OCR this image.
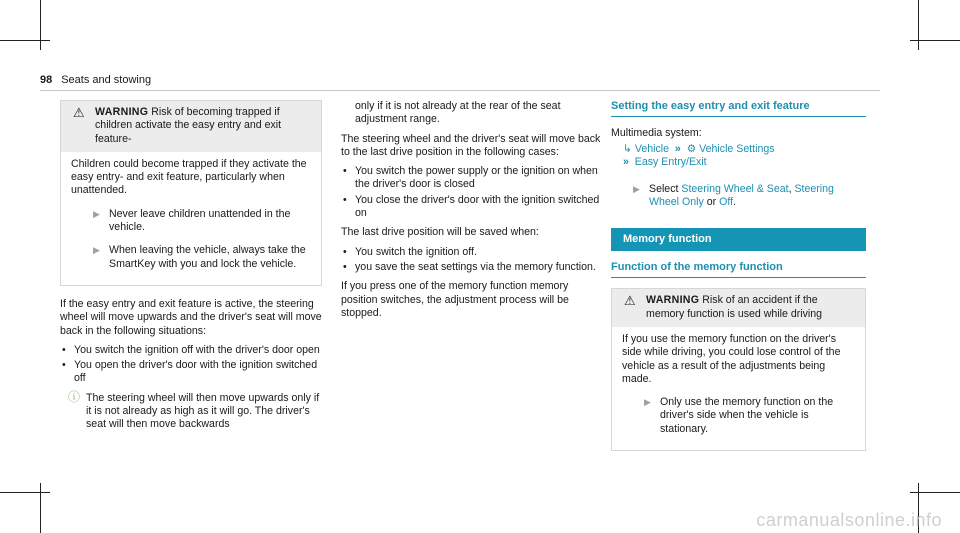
98 Seats and stowing
⚠ WARNING Risk of becoming trapped if children activate the easy entry and exit feature-

Children could become trapped if they activate the easy entry- and exit feature, particularly when unattended.

▶ Never leave children unattended in the vehicle.
▶ When leaving the vehicle, always take the SmartKey with you and lock the vehicle.

If the easy entry and exit feature is active, the steering wheel will move upwards and the driver's seat will move back in the following situations:

• You switch the ignition off with the driver's door open
• You open the driver's door with the ignition switched off
ⓘ The steering wheel will then move upwards only if it is not already as high as it will go. The driver's seat will then move backwards

only if it is not already at the rear of the seat adjustment range.

The steering wheel and the driver's seat will move back to the last drive position in the following cases:

• You switch the power supply or the ignition on when the driver's door is closed
• You close the driver's door with the ignition switched on

The last drive position will be saved when:

• You switch the ignition off.
• you save the seat settings via the memory function.

If you press one of the memory function memory position switches, the adjustment process will be stopped.

Setting the easy entry and exit feature

Multimedia system:

↳ Vehicle  »  ⚙ Vehicle Settings
»  Easy Entry/Exit
▶ Select Steering Wheel & Seat, Steering Wheel Only or Off.
Memory function
Function of the memory function
⚠ WARNING Risk of an accident if the memory function is used while driving

If you use the memory function on the driver's side while driving, you could lose control of the vehicle as a result of the adjustments being made.

▶ Only use the memory function on the driver's side when the vehicle is stationary.
carmanualsonline.info
